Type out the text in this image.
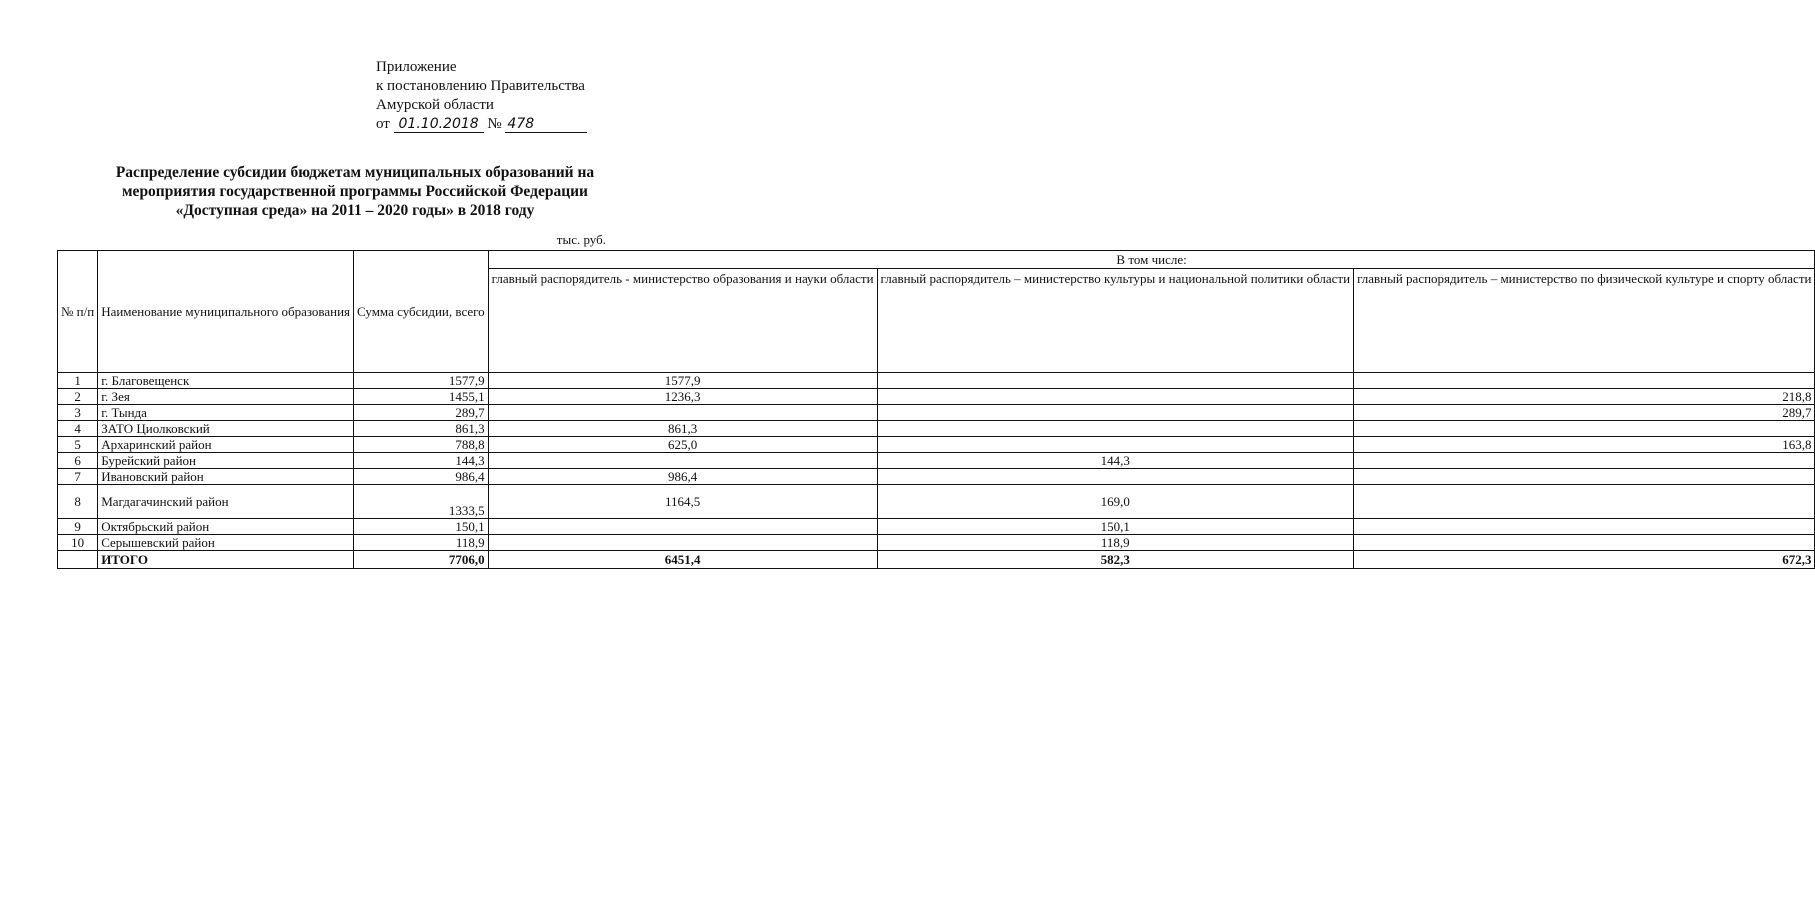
Приложение
к постановлению Правительства
Амурской области
от 01.10.2018 № 478
Распределение субсидии бюджетам муниципальных образований на
мероприятия государственной программы Российской Федерации
«Доступная среда» на 2011 – 2020 годы» в 2018 году
тыс. руб.
№ п/п	Наименование муниципального образования	Сумма субсидии, всего	В том числе:		
			главный распорядитель - министерство образования и науки области	главный распорядитель – министерство культуры и национальной политики области	главный распорядитель – министерство по физической культуре и спорту области
1	г. Благовещенск	1577,9	1577,9		
2	г. Зея	1455,1	1236,3		218,8
3	г. Тында	289,7			289,7
4	ЗАТО Циолковский	861,3	861,3		
5	Архаринский район	788,8	625,0		163,8
6	Бурейский район	144,3		144,3	
7	Ивановский район	986,4	986,4		
8	Магдагачинский район	1333,5	1164,5	169,0	
9	Октябрьский район	150,1		150,1	
10	Серышевский район	118,9		118,9	
	ИТОГО	7706,0	6451,4	582,3	672,3
